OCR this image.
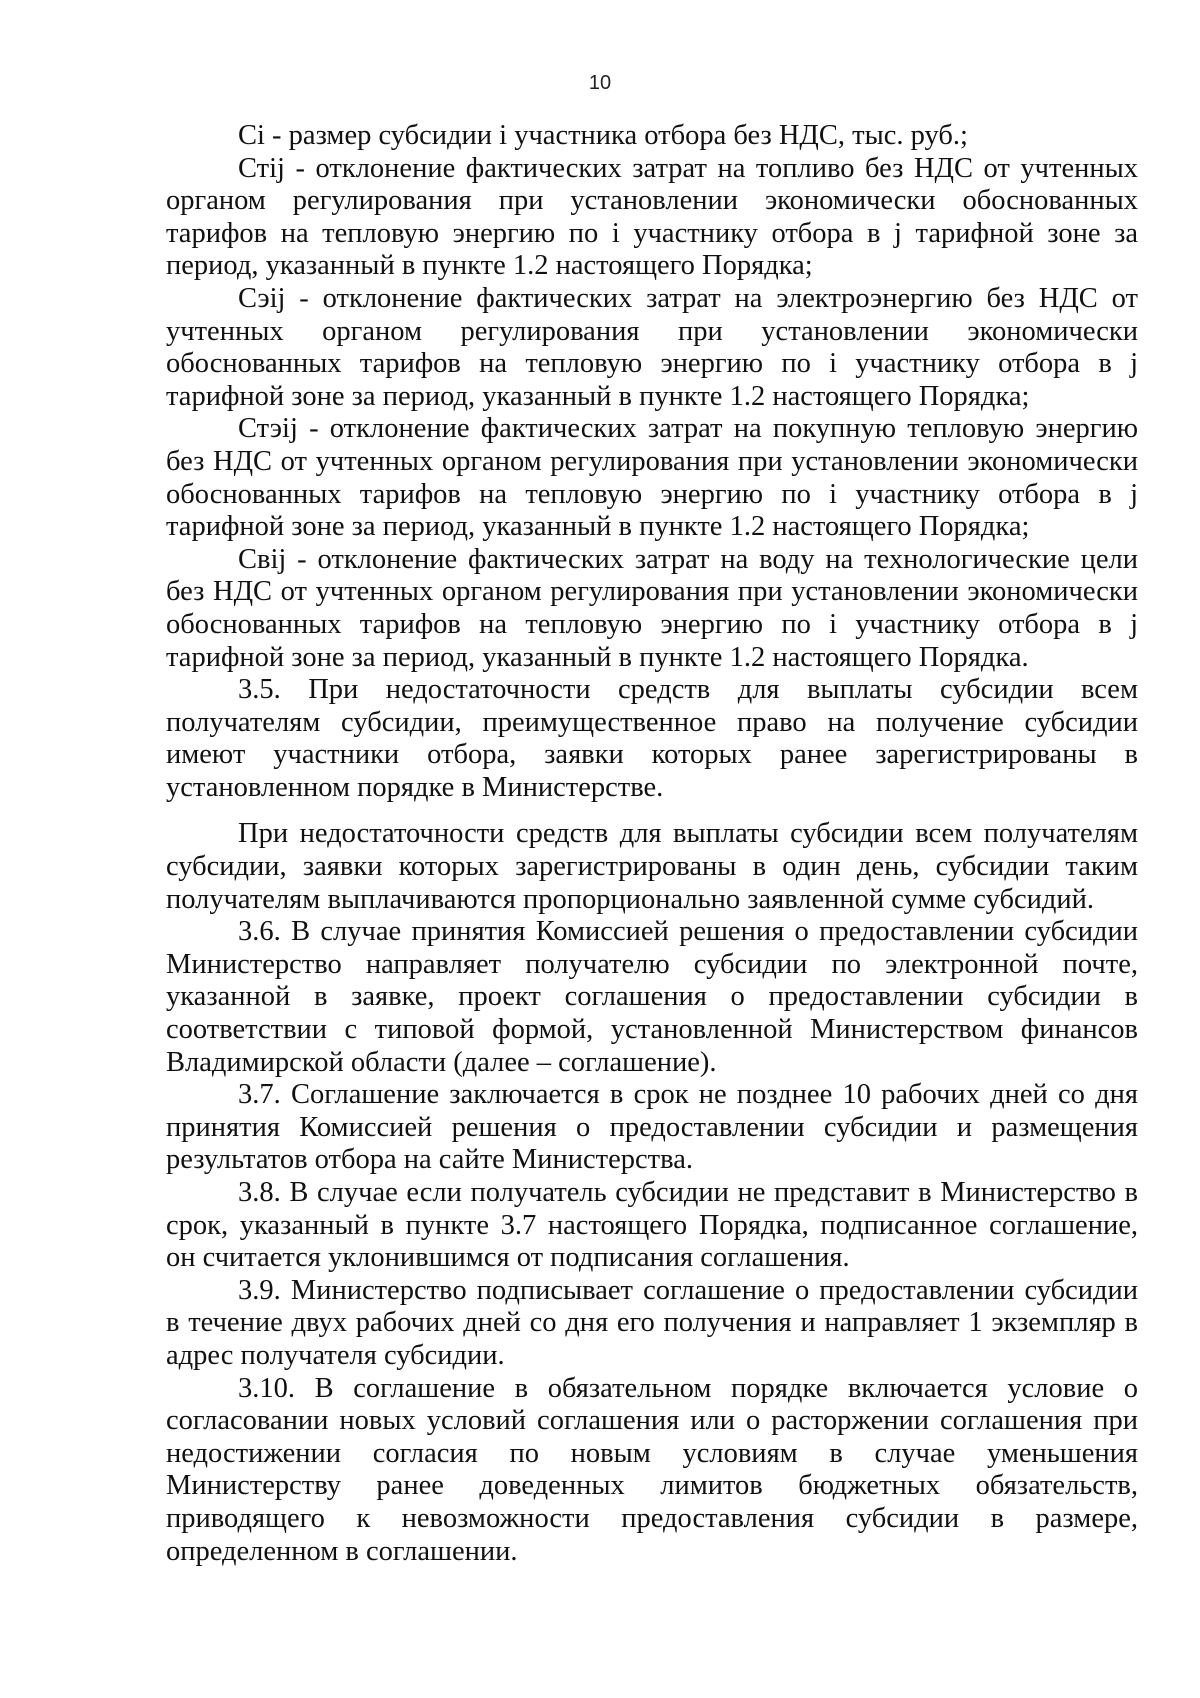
10

Ci - размер субсидии i участника отбора без НДС, тыс. руб.;

Стij - отклонение фактических затрат на топливо без НДС от учтенных органом регулирования при установлении экономически обоснованных тарифов на тепловую энергию по i участнику отбора в j тарифной зоне за период, указанный в пункте 1.2 настоящего Порядка;

Сэij - отклонение фактических затрат на электроэнергию без НДС от учтенных органом регулирования при установлении экономически обоснованных тарифов на тепловую энергию по i участнику отбора в j тарифной зоне за период, указанный в пункте 1.2 настоящего Порядка;

Стэij - отклонение фактических затрат на покупную тепловую энергию без НДС от учтенных органом регулирования при установлении экономически обоснованных тарифов на тепловую энергию по i участнику отбора в j тарифной зоне за период, указанный в пункте 1.2 настоящего Порядка;

Свij - отклонение фактических затрат на воду на технологические цели без НДС от учтенных органом регулирования при установлении экономически обоснованных тарифов на тепловую энергию по i участнику отбора в j тарифной зоне за период, указанный в пункте 1.2 настоящего Порядка.

3.5. При недостаточности средств для выплаты субсидии всем получателям субсидии, преимущественное право на получение субсидии имеют участники отбора, заявки которых ранее зарегистрированы в установленном порядке в Министерстве.

При недостаточности средств для выплаты субсидии всем получателям субсидии, заявки которых зарегистрированы в один день, субсидии таким получателям выплачиваются пропорционально заявленной сумме субсидий.

3.6. В случае принятия Комиссией решения о предоставлении субсидии Министерство направляет получателю субсидии по электронной почте, указанной в заявке, проект соглашения о предоставлении субсидии в соответствии с типовой формой, установленной Министерством финансов Владимирской области (далее – соглашение).

3.7. Соглашение заключается в срок не позднее 10 рабочих дней со дня принятия Комиссией решения о предоставлении субсидии и размещения результатов отбора на сайте Министерства.

3.8. В случае если получатель субсидии не представит в Министерство в срок, указанный в пункте 3.7 настоящего Порядка, подписанное соглашение, он считается уклонившимся от подписания соглашения.

3.9. Министерство подписывает соглашение о предоставлении субсидии в течение двух рабочих дней со дня его получения и направляет 1 экземпляр в адрес получателя субсидии.

3.10. В соглашение в обязательном порядке включается условие о согласовании новых условий соглашения или о расторжении соглашения при недостижении согласия по новым условиям в случае уменьшения Министерству ранее доведенных лимитов бюджетных обязательств, приводящего к невозможности предоставления субсидии в размере, определенном в соглашении.
